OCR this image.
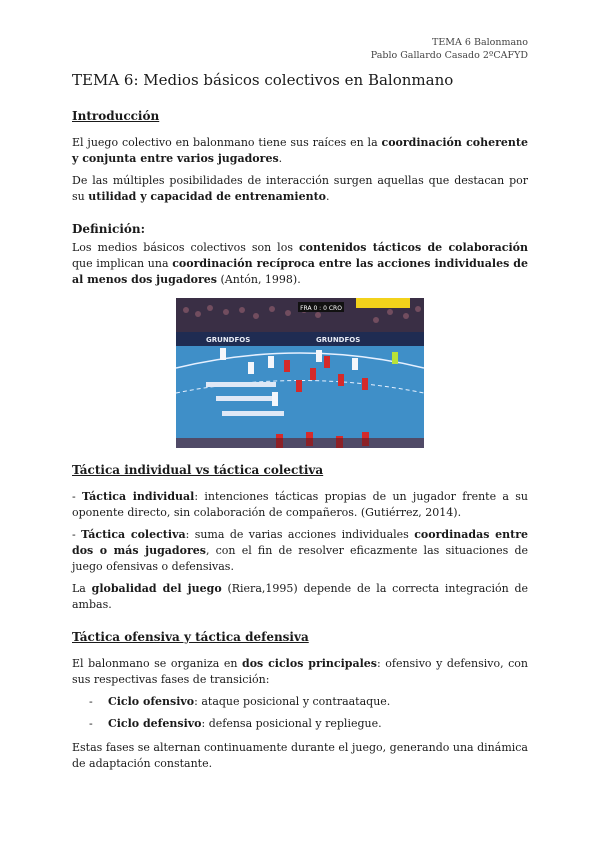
TEMA 6 Balonmano
Pablo Gallardo Casado 2ºCAFYD
TEMA 6: Medios básicos colectivos en Balonmano
Introducción

El juego colectivo en balonmano tiene sus raíces en la coordinación coherente y conjunta entre varios jugadores.

De las múltiples posibilidades de interacción surgen aquellas que destacan por su utilidad y capacidad de entrenamiento.

Definición:

Los medios básicos colectivos son los contenidos tácticos de colaboración que implican una coordinación recíproca entre las acciones individuales de al menos dos jugadores (Antón, 1998).

FRA 0 : 0 CRO
GRUNDFOS	GRUNDFOS
Táctica individual vs táctica colectiva

- Táctica individual: intenciones tácticas propias de un jugador frente a su oponente directo, sin colaboración de compañeros. (Gutiérrez, 2014).

- Táctica colectiva: suma de varias acciones individuales coordinadas entre dos o más jugadores, con el fin de resolver eficazmente las situaciones de juego ofensivas o defensivas.

La globalidad del juego (Riera,1995) depende de la correcta integración de ambas.

Táctica ofensiva y táctica defensiva

El balonmano se organiza en dos ciclos principales: ofensivo y defensivo, con sus respectivas fases de transición:

- Ciclo ofensivo: ataque posicional y contraataque.
- Ciclo defensivo: defensa posicional y repliegue.

Estas fases se alternan continuamente durante el juego, generando una dinámica de adaptación constante.
